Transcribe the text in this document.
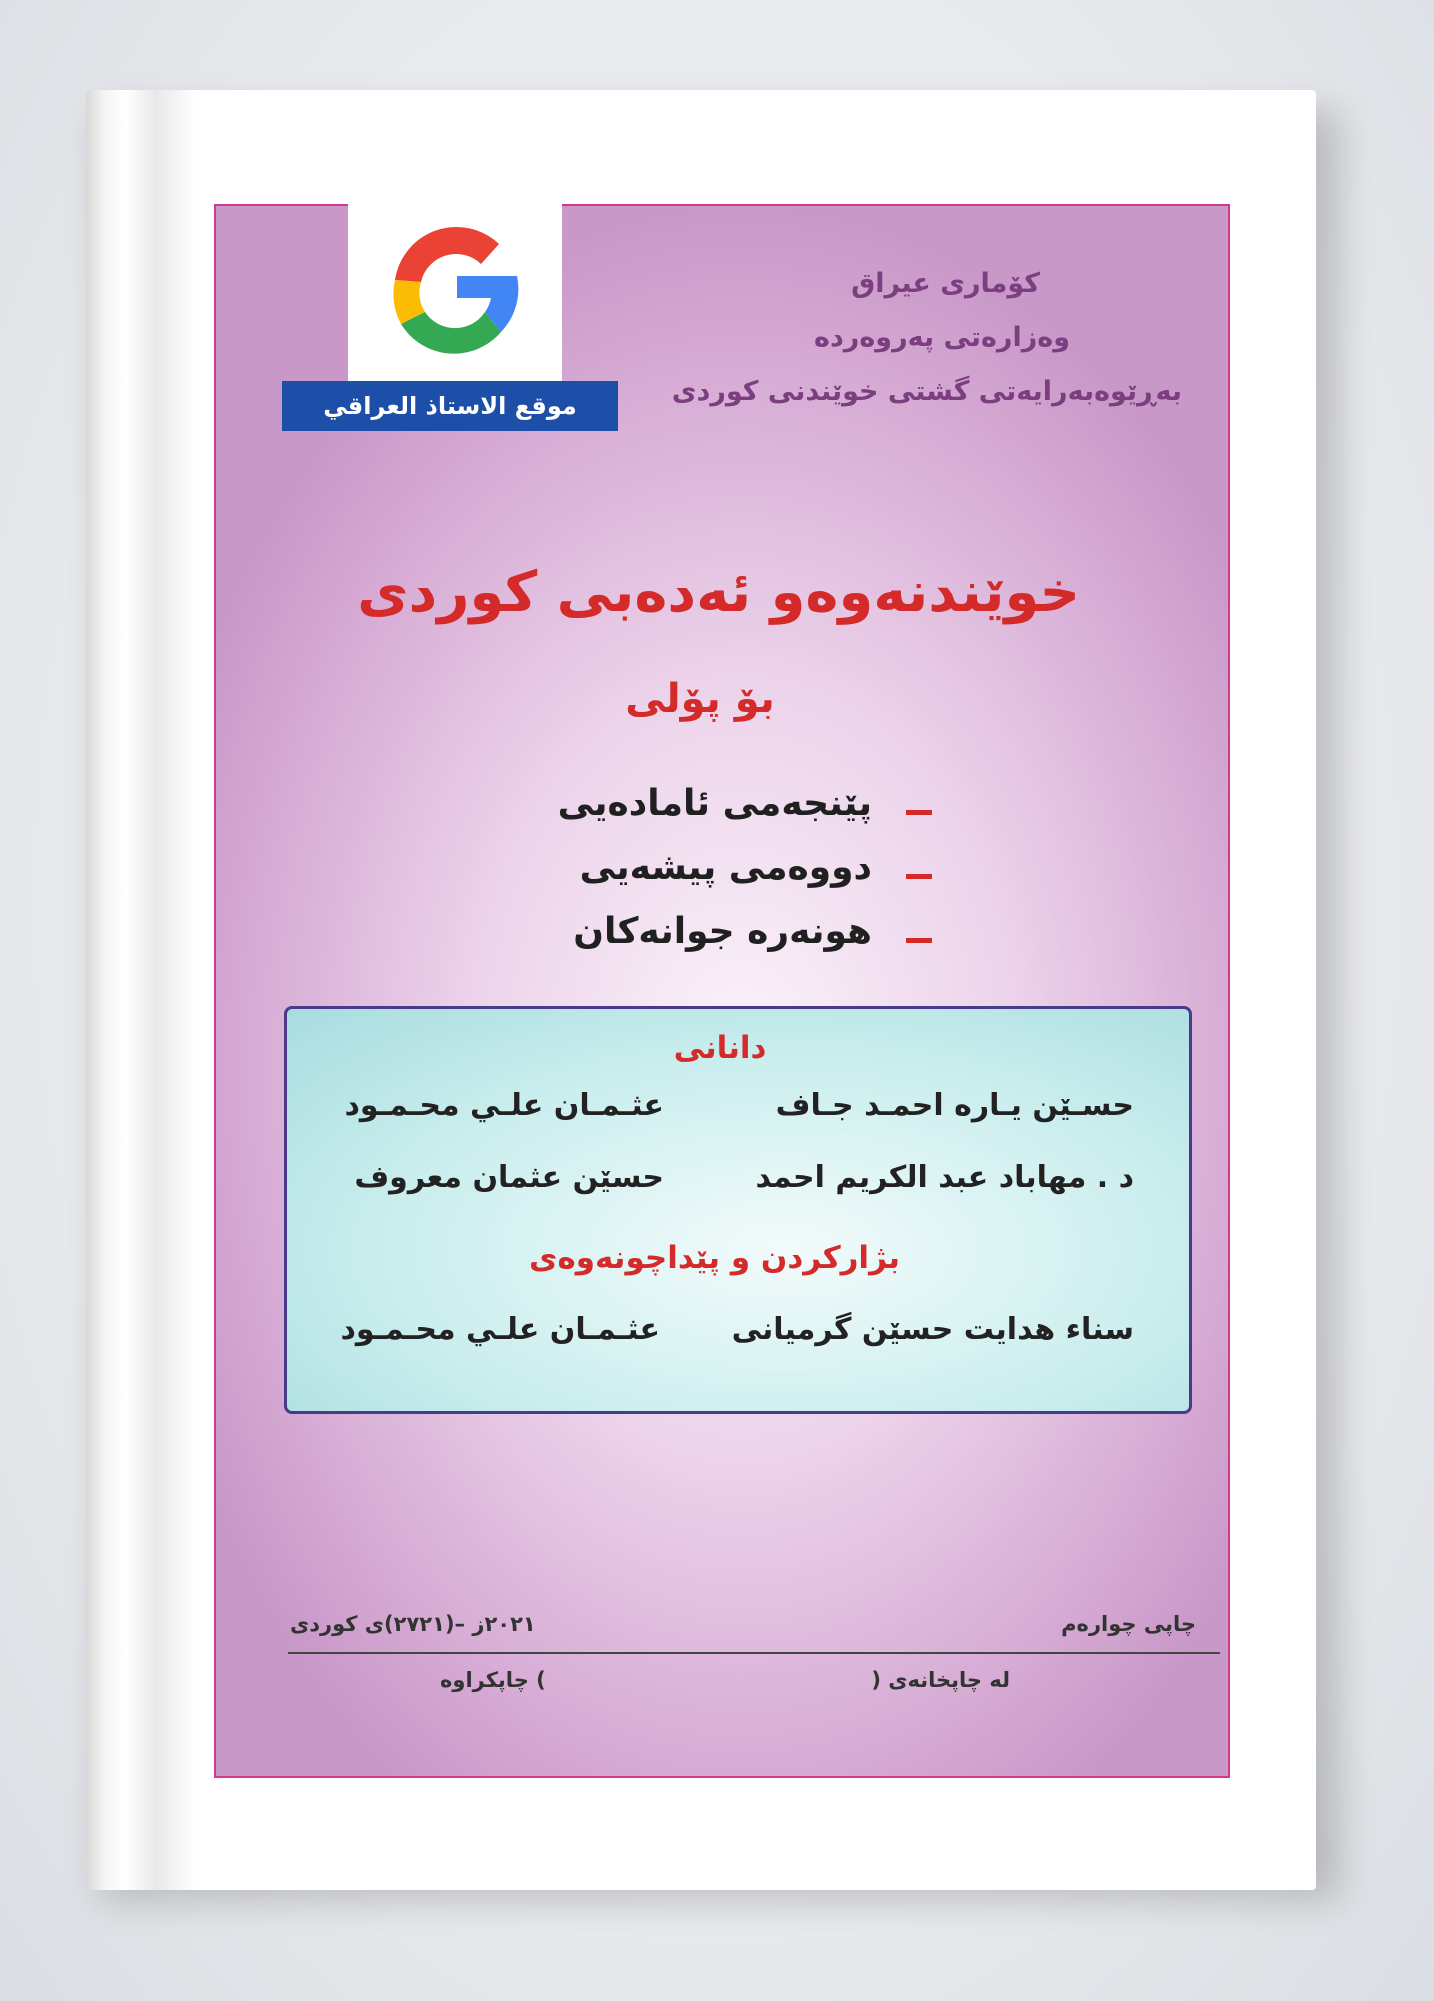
موقع الاستاذ العراقي
كۆماری عیراق
وەزارەتی پەروەردە
بەڕێوەبەرایەتی گشتی خوێندنی كوردی
خوێندنەوەو ئەدەبی کوردی
بۆ پۆلی
پێنجەمی ئامادەیی
دووەمی پیشەیی
هونەرە جوانەكان
دانانی
حسـێن یـارە احمـد جـاف
عثـمـان علـي محـمـود
د . مهاباد عبد الكريم احمد
حسێن عثمان معروف
بژاركردن و پێداچونەوەی
سناء هدايت حسێن گرمیانی
عثـمـان علـي محـمـود
چاپی چوارەم
٢٠٢١ز –(٢٧٢١)ی كوردی
لە چاپخانەی (
) چاپكراوە
